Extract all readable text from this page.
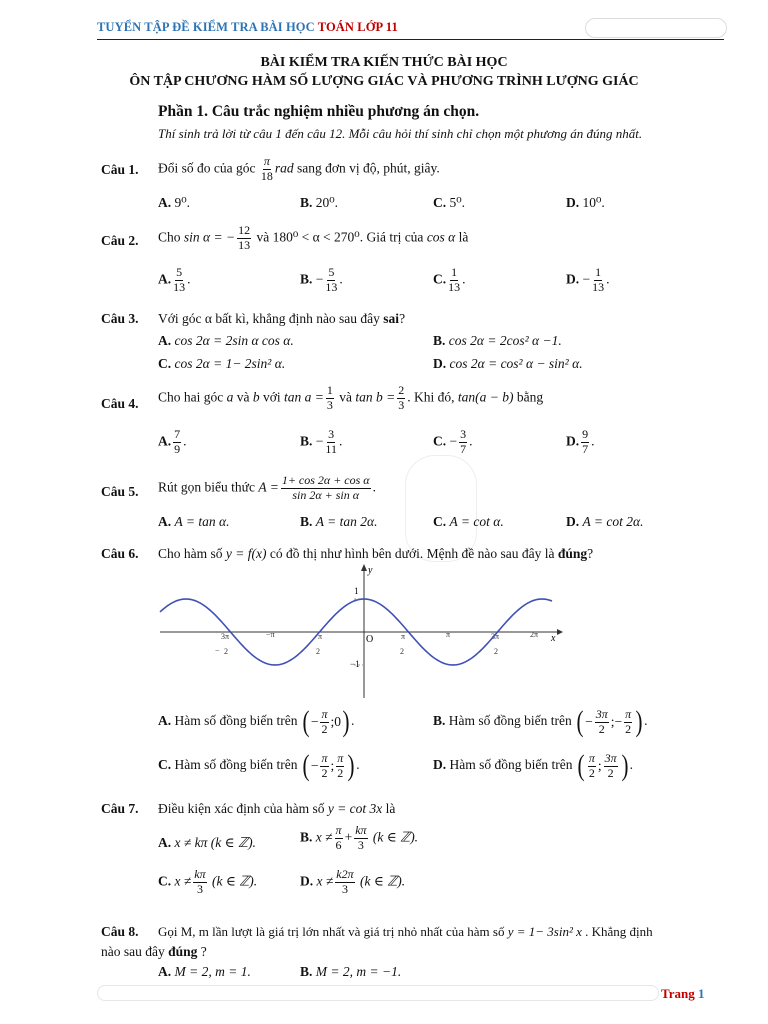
TUYỂN TẬP ĐỀ KIỂM TRA BÀI HỌC TOÁN LỚP 11
BÀI KIỂM TRA KIẾN THỨC BÀI HỌC
ÔN TẬP CHƯƠNG HÀM SỐ LƯỢNG GIÁC VÀ PHƯƠNG TRÌNH LƯỢNG GIÁC
Phần 1. Câu trắc nghiệm nhiều phương án chọn.
Thí sinh trả lời từ câu 1 đến câu 12. Mỗi câu hỏi thí sinh chỉ chọn một phương án đúng nhất.
Câu 1. Đổi số đo của góc $\frac{\pi}{18}$ rad sang đơn vị độ, phút, giây.
A. 9⁰.	B. 20⁰.	C. 5⁰.	D. 10⁰.
Câu 2. Cho sin α = − $\frac{12}{13}$ và 180⁰ < α < 270⁰. Giá trị của cos α là
A. $\frac{5}{13}$ .	B. − $\frac{5}{13}$ .	C. $\frac{1}{13}$ .	D. − $\frac{1}{13}$ .
Câu 3. Với góc α bất kì, khẳng định nào sau đây sai?
A. cos 2α = 2sin α cos α.	B. cos 2α = 2cos² α −1.
C. cos 2α = 1− 2sin² α.	D. cos 2α = cos² α − sin² α.
Câu 4. Cho hai góc a và b với $\tan a = \frac{1}{3}$ và $\tan b = \frac{2}{3}$ . Khi đó, tan(a − b) bằng
A. $\frac{7}{9}$ .	B. − $\frac{3}{11}$ .	C. − $\frac{3}{7}$ .	D. $\frac{9}{7}$ .
Câu 5. Rút gọn biểu thức $A = \frac{\text{1+ cos 2α + cos α}}{\text{sin 2α + sin α}}$ .
A. A = tan α.	B. A = tan 2α.	C. A = cot α.	D. A = cot 2α.
Câu 6. Cho hàm số y = f(x) có đồ thị như hình bên dưới. Mệnh đề nào sau đây là đúng?
y
x
O
1
−1
3π
− 2
−π	π
2
π
2
π	3π
2
2π
A. Hàm số đồng biến trên ( − $\frac{\pi}{2}$ ;0 ) .	B. Hàm số đồng biến trên ( − $\frac{3\pi}{2}$ ;− $\frac{\pi}{2}$ ) .
C. Hàm số đồng biến trên ( − $\frac{\pi}{2}$ ; $\frac{\pi}{2}$ ) .	D. Hàm số đồng biến trên ( $\frac{\pi}{2}$ ; $\frac{3\pi}{2}$ ) .
Câu 7. Điều kiện xác định của hàm số y = cot 3x là
A. x ≠ kπ (k ∈ ℤ).	B. $x \ne \frac{\pi}{6} + \frac{k\pi}{3} (k$ ∈ ℤ).
C. $x \ne \frac{k\pi}{3} (k$ ∈ ℤ).	D. $x \ne \frac{k2\pi}{3} (k$ ∈ ℤ).
Câu 8. Gọi M, m lần lượt là giá trị lớn nhất và giá trị nhỏ nhất của hàm số y = 1− 3sin² x . Khẳng định
nào sau đây đúng ?
A. M = 2, m = 1.	B. M = 2, m = −1.
Trang 1
